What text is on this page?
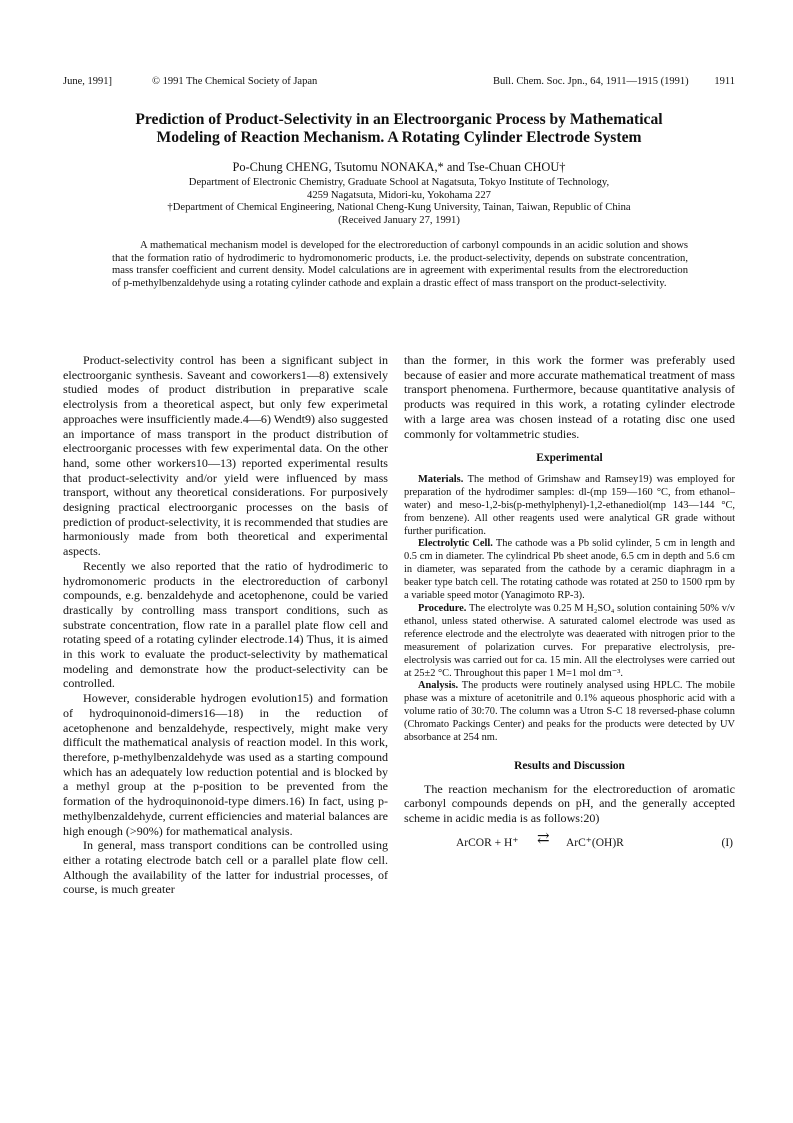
June, 1991]	© 1991 The Chemical Society of Japan	Bull. Chem. Soc. Jpn., 64, 1911—1915 (1991) 1911
Prediction of Product-Selectivity in an Electroorganic Process by Mathematical
Modeling of Reaction Mechanism. A Rotating Cylinder Electrode System
Po-Chung CHENG, Tsutomu NONAKA,* and Tse-Chuan CHOU†
Department of Electronic Chemistry, Graduate School at Nagatsuta, Tokyo Institute of Technology,
4259 Nagatsuta, Midori-ku, Yokohama 227
†Department of Chemical Engineering, National Cheng-Kung University, Tainan, Taiwan, Republic of China
(Received January 27, 1991)
A mathematical mechanism model is developed for the electroreduction of carbonyl compounds in an acidic solution and shows that the formation ratio of hydrodimeric to hydromonomeric products, i.e. the product-selectivity, depends on substrate concentration, mass transfer coefficient and current density. Model calculations are in agreement with experimental results from the electroreduction of p-methylbenzaldehyde using a rotating cylinder cathode and explain a drastic effect of mass transport on the product-selectivity.

Product-selectivity control has been a significant subject in electroorganic synthesis. Saveant and coworkers1—8) extensively studied modes of product distribution in preparative scale electrolysis from a theoretical aspect, but only few experimetal approaches were insufficiently made.4—6) Wendt9) also suggested an importance of mass transport in the product distribution of electroorganic processes with few experimental data. On the other hand, some other workers10—13) reported experimental results that product-selectivity and/or yield were influenced by mass transport, without any theoretical considerations. For purposively designing practical electroorganic processes on the basis of prediction of product-selectivity, it is recommended that studies are harmoniously made from both theoretical and experimental aspects.

Recently we also reported that the ratio of hydrodimeric to hydromonomeric products in the electroreduction of carbonyl compounds, e.g. benzaldehyde and acetophenone, could be varied drastically by controlling mass transport conditions, such as substrate concentration, flow rate in a parallel plate flow cell and rotating speed of a rotating cylinder electrode.14) Thus, it is aimed in this work to evaluate the product-selectivity by mathematical modeling and demonstrate how the product-selectivity can be controlled.

However, considerable hydrogen evolution15) and formation of hydroquinonoid-dimers16—18) in the reduction of acetophenone and benzaldehyde, respectively, might make very difficult the mathematical analysis of reaction model. In this work, therefore, p-methylbenzaldehyde was used as a starting compound which has an adequately low reduction potential and is blocked by a methyl group at the p-position to be prevented from the formation of the hydroquinonoid-type dimers.16) In fact, using p-methylbenzaldehyde, current efficiencies and material balances are high enough (>90%) for mathematical analysis.

In general, mass transport conditions can be controlled using either a rotating electrode batch cell or a parallel plate flow cell. Although the availability of the latter for industrial processes, of course, is much greater

than the former, in this work the former was preferably used because of easier and more accurate mathematical treatment of mass transport phenomena. Furthermore, because quantitative analysis of products was required in this work, a rotating cylinder electrode with a large area was chosen instead of a rotating disc one used commonly for voltammetric studies.

Experimental

Materials. The method of Grimshaw and Ramsey19) was employed for preparation of the hydrodimer samples: dl-(mp 159—160 °C, from ethanol–water) and meso-1,2-bis(p-methylphenyl)-1,2-ethanediol(mp 143—144 °C, from benzene). All other reagents used were analytical GR grade without further purification.

Electrolytic Cell. The cathode was a Pb solid cylinder, 5 cm in length and 0.5 cm in diameter. The cylindrical Pb sheet anode, 6.5 cm in depth and 5.6 cm in diameter, was separated from the cathode by a ceramic diaphragm in a beaker type batch cell. The rotating cathode was rotated at 250 to 1500 rpm by a variable speed motor (Yanagimoto RP-3).

Procedure. The electrolyte was 0.25 M H₂SO₄ solution containing 50% v/v ethanol, unless stated otherwise. A saturated calomel electrode was used as reference electrode and the electrolyte was deaerated with nitrogen prior to the measurement of polarization curves. For preparative electrolysis, pre-electrolysis was carried out for ca. 15 min. All the electrolyses were carried out at 25±2 °C. Throughout this paper 1 M=1 mol dm⁻³.

Analysis. The products were routinely analysed using HPLC. The mobile phase was a mixture of acetonitrile and 0.1% aqueous phosphoric acid with a volume ratio of 30:70. The column was a Utron S-C 18 reversed-phase column (Chromato Packings Center) and peaks for the products were detected by UV absorbance at 254 nm.

Results and Discussion

The reaction mechanism for the electroreduction of aromatic carbonyl compounds depends on pH, and the generally accepted scheme in acidic media is as follows:20)

ArCOR + H⁺ ⇄ ArC⁺(OH)R	(I)
